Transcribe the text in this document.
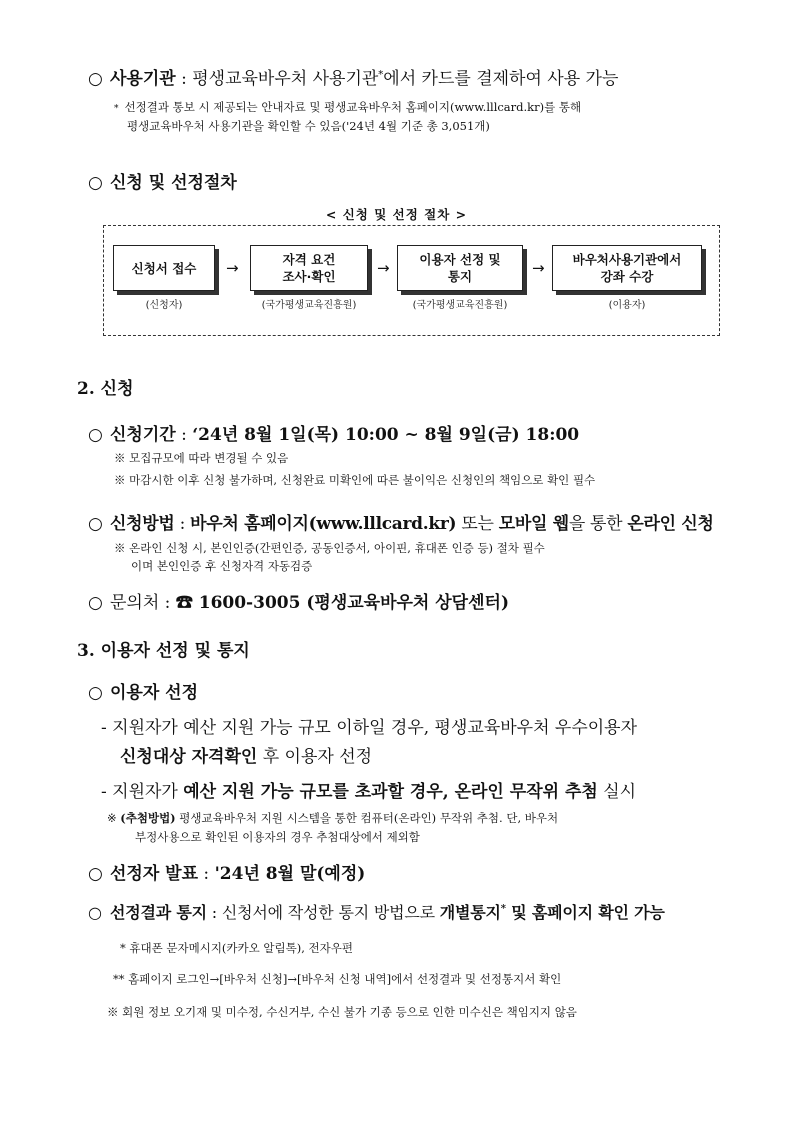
○ 사용기관 : 평생교육바우처 사용기관*에서 카드를 결제하여 사용 가능
* 선정결과 통보 시 제공되는 안내자료 및 평생교육바우처 홈페이지(www.lllcard.kr)를 통해
평생교육바우처 사용기관을 확인할 수 있음('24년 4월 기준 총 3,051개)
○ 신청 및 선정절차
< 신청 및 선정 절차 >
신청서 접수
자격 요건
조사·확인
이용자 선정 및
통지
바우처사용기관에서
강좌 수강
→	→	→
(신청자)	(국가평생교육진흥원)	(국가평생교육진흥원)	(이용자)
2. 신청
○ 신청기간 : ‘24년 8월 1일(목) 10:00 ~ 8월 9일(금) 18:00
※ 모집규모에 따라 변경될 수 있음
※ 마감시한 이후 신청 불가하며, 신청완료 미확인에 따른 불이익은 신청인의 책임으로 확인 필수
○ 신청방법 : 바우처 홈페이지(www.lllcard.kr) 또는 모바일 웹을 통한 온라인 신청
※ 온라인 신청 시, 본인인증(간편인증, 공동인증서, 아이핀, 휴대폰 인증 등) 절차 필수
이며 본인인증 후 신청자격 자동검증
○ 문의처 : ☎ 1600-3005 (평생교육바우처 상담센터)
3. 이용자 선정 및 통지
○ 이용자 선정
- 지원자가 예산 지원 가능 규모 이하일 경우, 평생교육바우처 우수이용자
신청대상 자격확인 후 이용자 선정
- 지원자가 예산 지원 가능 규모를 초과할 경우, 온라인 무작위 추첨 실시
※ (추첨방법) 평생교육바우처 지원 시스템을 통한 컴퓨터(온라인) 무작위 추첨. 단, 바우처
부정사용으로 확인된 이용자의 경우 추첨대상에서 제외함
○ 선정자 발표 : '24년 8월 말(예정)
○ 선정결과 통지 : 신청서에 작성한 통지 방법으로 개별통지* 및 홈페이지 확인 가능
* 휴대폰 문자메시지(카카오 알림톡), 전자우편
** 홈페이지 로그인→[바우처 신청]→[바우처 신청 내역]에서 선정결과 및 선정통지서 확인
※ 회원 정보 오기재 및 미수정, 수신거부, 수신 불가 기종 등으로 인한 미수신은 책임지지 않음
